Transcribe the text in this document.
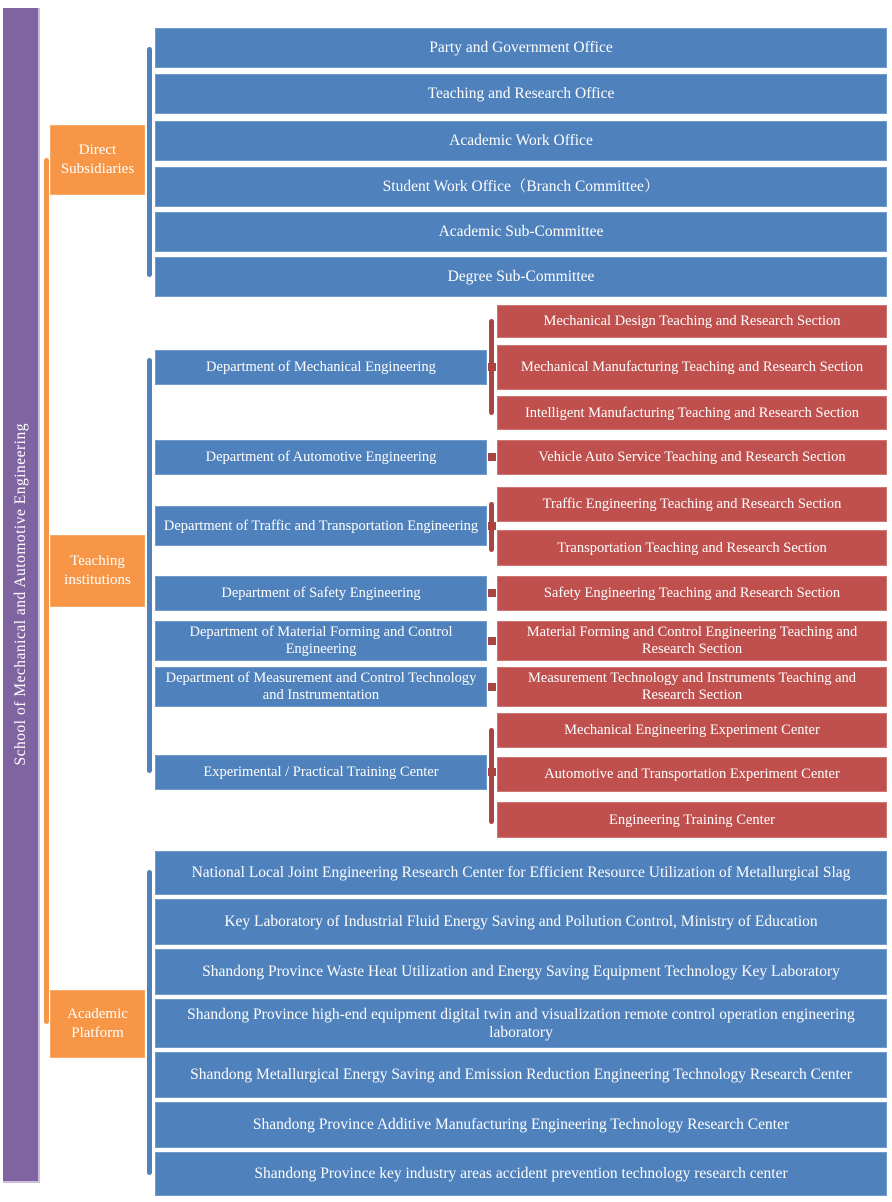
School of Mechanical and Automotive Engineering
Direct Subsidiaries
Teaching institutions
Academic Platform
Party and Government Office
Teaching and Research Office
Academic Work Office
Student Work Office（Branch Committee）
Academic Sub-Committee
Degree Sub-Committee
Department of Mechanical Engineering
Department of Automotive Engineering
Department of Traffic and Transportation Engineering
Department of Safety Engineering
Department of Material Forming and Control Engineering
Department of Measurement and Control Technology and Instrumentation
Experimental / Practical Training Center
Mechanical Design Teaching and Research Section
Mechanical Manufacturing Teaching and Research Section
Intelligent Manufacturing Teaching and Research Section
Vehicle Auto Service Teaching and Research Section
Traffic Engineering Teaching and Research Section
Transportation Teaching and Research Section
Safety Engineering Teaching and Research Section
Material Forming and Control Engineering Teaching and Research Section
Measurement Technology and Instruments Teaching and Research Section
Mechanical Engineering Experiment Center
Automotive and Transportation Experiment Center
Engineering Training Center
National Local Joint Engineering Research Center for Efficient Resource Utilization of Metallurgical Slag
Key Laboratory of Industrial Fluid Energy Saving and Pollution Control, Ministry of Education
Shandong Province Waste Heat Utilization and Energy Saving Equipment Technology Key Laboratory
Shandong Province high-end equipment digital twin and visualization remote control operation engineering laboratory
Shandong Metallurgical Energy Saving and Emission Reduction Engineering Technology Research Center
Shandong Province Additive Manufacturing Engineering Technology Research Center
Shandong Province key industry areas accident prevention technology research center
